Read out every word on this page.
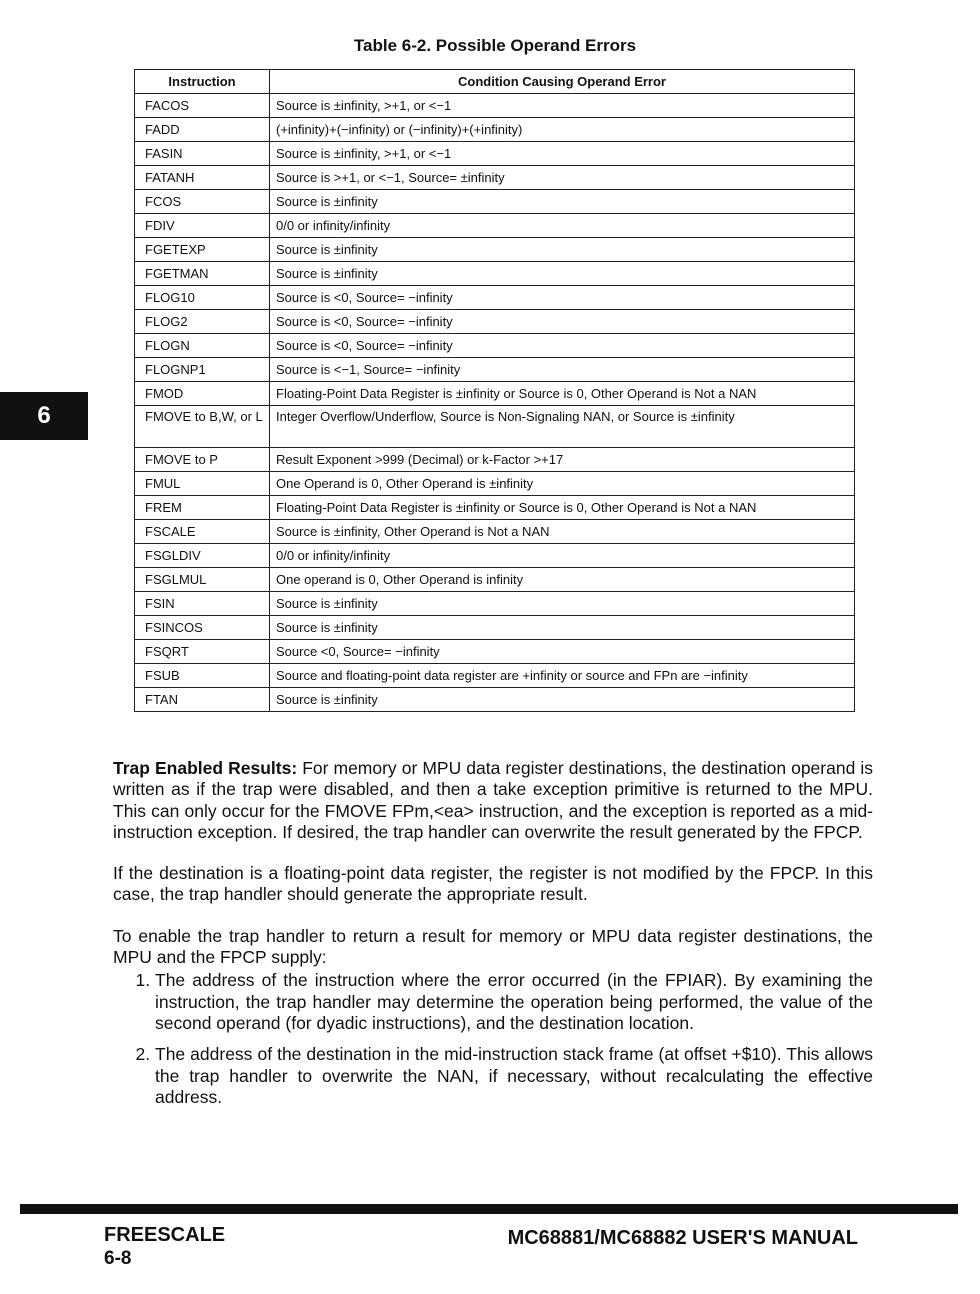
Table 6-2. Possible Operand Errors
6
Instruction	Condition Causing Operand Error
FACOS	Source is ±infinity, >+1, or <−1
FADD	(+infinity)+(−infinity) or (−infinity)+(+infinity)
FASIN	Source is ±infinity, >+1, or <−1
FATANH	Source is >+1, or <−1, Source= ±infinity
FCOS	Source is ±infinity
FDIV	0/0 or infinity/infinity
FGETEXP	Source is ±infinity
FGETMAN	Source is ±infinity
FLOG10	Source is <0, Source= −infinity
FLOG2	Source is <0, Source= −infinity
FLOGN	Source is <0, Source= −infinity
FLOGNP1	Source is <−1, Source= −infinity
FMOD	Floating-Point Data Register is ±infinity or Source is 0, Other Operand is Not a NAN
FMOVE to B,W, or L	Integer Overflow/Underflow, Source is Non-Signaling NAN, or Source is ±infinity
FMOVE to P	Result Exponent >999 (Decimal) or k-Factor >+17
FMUL	One Operand is 0, Other Operand is ±infinity
FREM	Floating-Point Data Register is ±infinity or Source is 0, Other Operand is Not a NAN
FSCALE	Source is ±infinity, Other Operand is Not a NAN
FSGLDIV	0/0 or infinity/infinity
FSGLMUL	One operand is 0, Other Operand is infinity
FSIN	Source is ±infinity
FSINCOS	Source is ±infinity
FSQRT	Source <0, Source= −infinity
FSUB	Source and floating-point data register are +infinity or source and FPn are −infinity
FTAN	Source is ±infinity

Trap Enabled Results: For memory or MPU data register destinations, the destination operand is written as if the trap were disabled, and then a take exception primitive is returned to the MPU. This can only occur for the FMOVE FPm,<ea> instruction, and the exception is reported as a mid-instruction exception. If desired, the trap handler can overwrite the result generated by the FPCP.

If the destination is a floating-point data register, the register is not modified by the FPCP. In this case, the trap handler should generate the appropriate result.

To enable the trap handler to return a result for memory or MPU data register destinations, the MPU and the FPCP supply:

1. The address of the instruction where the error occurred (in the FPIAR). By examining the instruction, the trap handler may determine the operation being performed, the value of the second operand (for dyadic instructions), and the destination location.
2. The address of the destination in the mid-instruction stack frame (at offset +$10). This allows the trap handler to overwrite the NAN, if necessary, without recalculating the effective address.
FREESCALE
6-8
MC68881/MC68882 USER'S MANUAL
